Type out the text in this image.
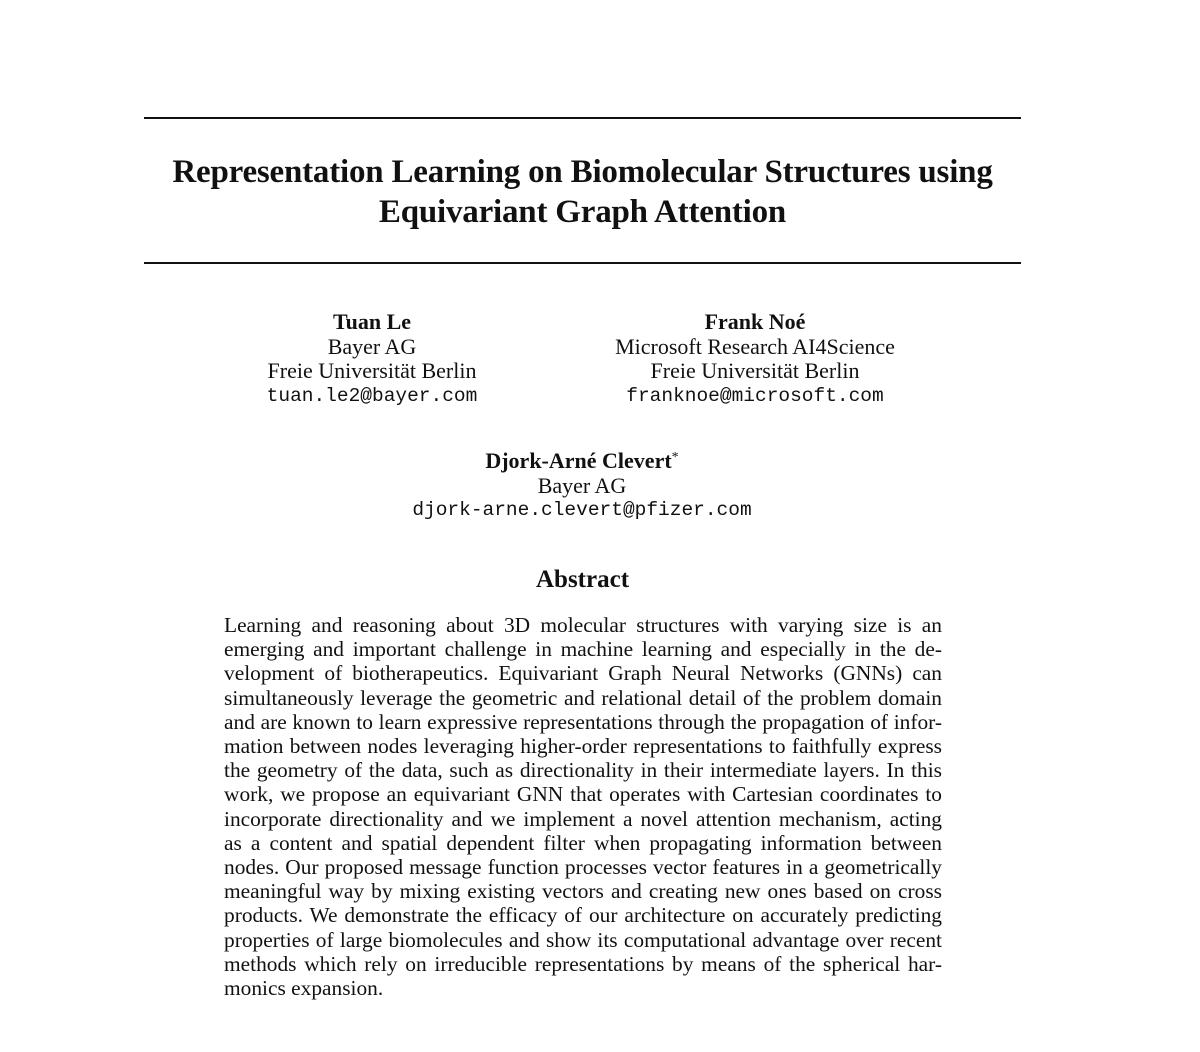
Representation Learning on Biomolecular Structures using
Equivariant Graph Attention
Tuan Le
Bayer AG
Freie Universität Berlin
tuan.le2@bayer.com
Frank Noé
Microsoft Research AI4Science
Freie Universität Berlin
franknoe@microsoft.com
Djork-Arné Clevert*
Bayer AG
djork-arne.clevert@pfizer.com
Abstract
Learning and reasoning about 3D molecular structures with varying size is an
emerging and important challenge in machine learning and especially in the de-
velopment of biotherapeutics. Equivariant Graph Neural Networks (GNNs) can
simultaneously leverage the geometric and relational detail of the problem domain
and are known to learn expressive representations through the propagation of infor-
mation between nodes leveraging higher-order representations to faithfully express
the geometry of the data, such as directionality in their intermediate layers. In this
work, we propose an equivariant GNN that operates with Cartesian coordinates to
incorporate directionality and we implement a novel attention mechanism, acting
as a content and spatial dependent filter when propagating information between
nodes. Our proposed message function processes vector features in a geometrically
meaningful way by mixing existing vectors and creating new ones based on cross
products. We demonstrate the efficacy of our architecture on accurately predicting
properties of large biomolecules and show its computational advantage over recent
methods which rely on irreducible representations by means of the spherical har-
monics expansion.
